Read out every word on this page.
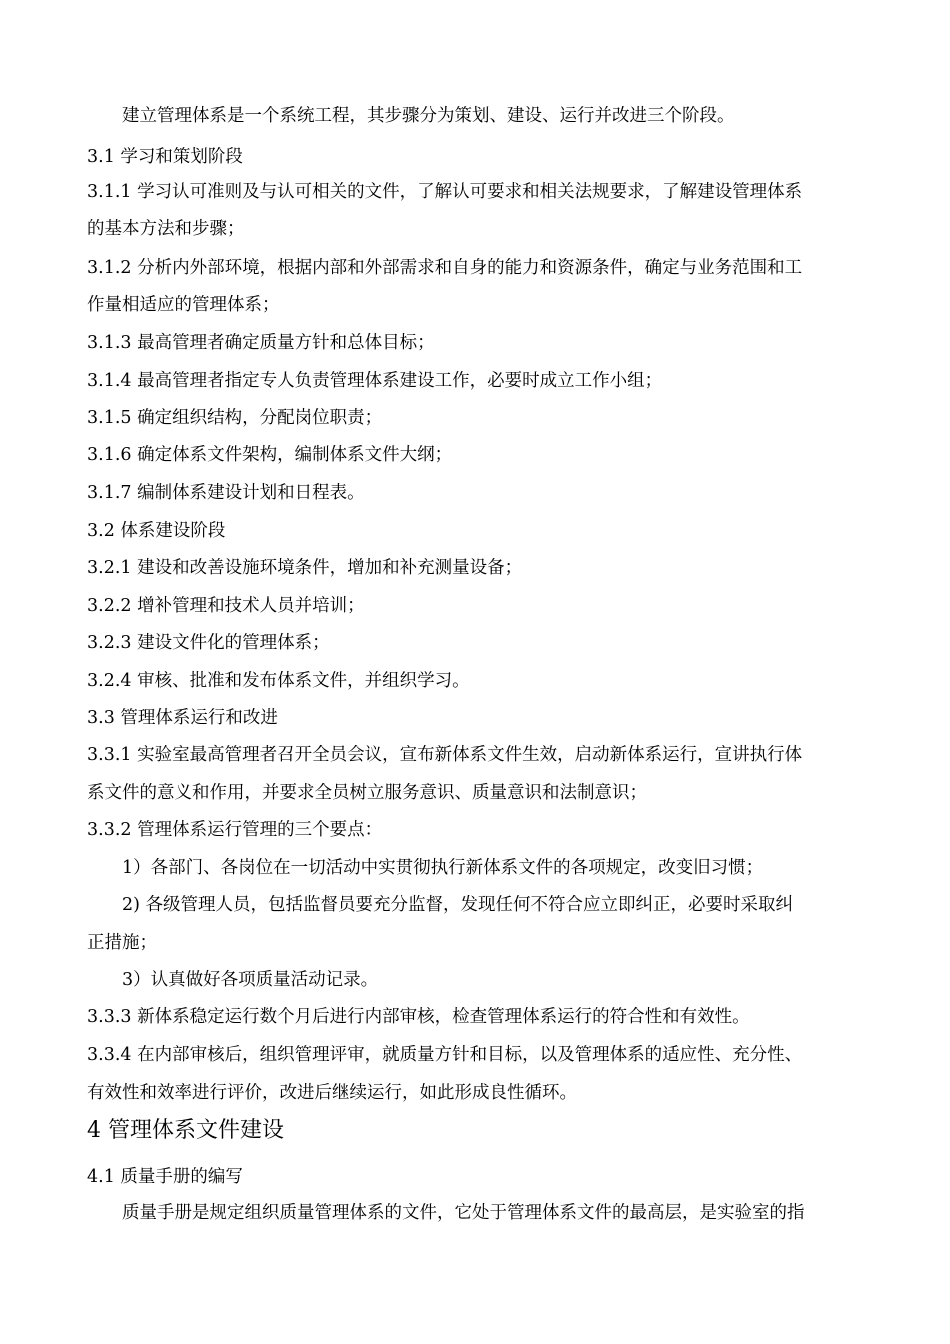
建立管理体系是一个系统工程，其步骤分为策划、建设、运行并改进三个阶段。
3.1 学习和策划阶段
3.1.1 学习认可准则及与认可相关的文件，了解认可要求和相关法规要求，了解建设管理体系
的基本方法和步骤；
3.1.2 分析内外部环境，根据内部和外部需求和自身的能力和资源条件，确定与业务范围和工
作量相适应的管理体系；
3.1.3 最高管理者确定质量方针和总体目标；
3.1.4 最高管理者指定专人负责管理体系建设工作，必要时成立工作小组；
3.1.5 确定组织结构，分配岗位职责；
3.1.6 确定体系文件架构，编制体系文件大纲；
3.1.7 编制体系建设计划和日程表。
3.2 体系建设阶段
3.2.1 建设和改善设施环境条件，增加和补充测量设备；
3.2.2 增补管理和技术人员并培训；
3.2.3 建设文件化的管理体系；
3.2.4 审核、批准和发布体系文件，并组织学习。
3.3 管理体系运行和改进
3.3.1 实验室最高管理者召开全员会议，宣布新体系文件生效，启动新体系运行，宣讲执行体
系文件的意义和作用，并要求全员树立服务意识、质量意识和法制意识；
3.3.2 管理体系运行管理的三个要点：
1）各部门、各岗位在一切活动中实贯彻执行新体系文件的各项规定，改变旧习惯；
2) 各级管理人员，包括监督员要充分监督，发现任何不符合应立即纠正，必要时采取纠
正措施；
3）认真做好各项质量活动记录。
3.3.3 新体系稳定运行数个月后进行内部审核，检查管理体系运行的符合性和有效性。
3.3.4 在内部审核后，组织管理评审，就质量方针和目标，以及管理体系的适应性、充分性、
有效性和效率进行评价，改进后继续运行，如此形成良性循环。
4 管理体系文件建设
4.1 质量手册的编写
质量手册是规定组织质量管理体系的文件，它处于管理体系文件的最高层，是实验室的指
